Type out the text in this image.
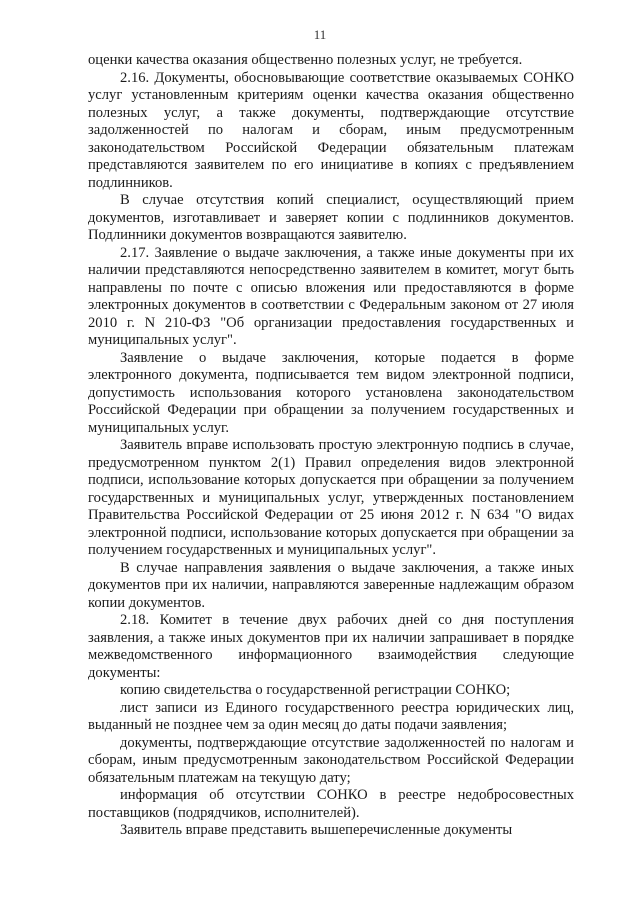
11

оценки качества оказания общественно полезных услуг, не требуется.

2.16. Документы, обосновывающие соответствие оказываемых СОНКО услуг установленным критериям оценки качества оказания общественно полезных услуг, а также документы, подтверждающие отсутствие задолженностей по налогам и сборам, иным предусмотренным законодательством Российской Федерации обязательным платежам представляются заявителем по его инициативе в копиях с предъявлением подлинников.

В случае отсутствия копий специалист, осуществляющий прием документов, изготавливает и заверяет копии с подлинников документов. Подлинники документов возвращаются заявителю.

2.17. Заявление о выдаче заключения, а также иные документы при их наличии представляются непосредственно заявителем в комитет, могут быть направлены по почте с описью вложения или предоставляются в форме электронных документов в соответствии с Федеральным законом от 27 июля 2010 г. N 210-ФЗ "Об организации предоставления государственных и муниципальных услуг".

Заявление о выдаче заключения, которые подается в форме электронного документа, подписывается тем видом электронной подписи, допустимость использования которого установлена законодательством Российской Федерации при обращении за получением государственных и муниципальных услуг.

Заявитель вправе использовать простую электронную подпись в случае, предусмотренном пунктом 2(1) Правил определения видов электронной подписи, использование которых допускается при обращении за получением государственных и муниципальных услуг, утвержденных постановлением Правительства Российской Федерации от 25 июня 2012 г. N 634 "О видах электронной подписи, использование которых допускается при обращении за получением государственных и муниципальных услуг".

В случае направления заявления о выдаче заключения, а также иных документов при их наличии, направляются заверенные надлежащим образом копии документов.

2.18. Комитет в течение двух рабочих дней со дня поступления заявления, а также иных документов при их наличии запрашивает в порядке межведомственного информационного взаимодействия следующие документы:

копию свидетельства о государственной регистрации СОНКО;

лист записи из Единого государственного реестра юридических лиц, выданный не позднее чем за один месяц до даты подачи заявления;

документы, подтверждающие отсутствие задолженностей по налогам и сборам, иным предусмотренным законодательством Российской Федерации обязательным платежам на текущую дату;

информация об отсутствии СОНКО в реестре недобросовестных поставщиков (подрядчиков, исполнителей).

Заявитель вправе представить вышеперечисленные документы
